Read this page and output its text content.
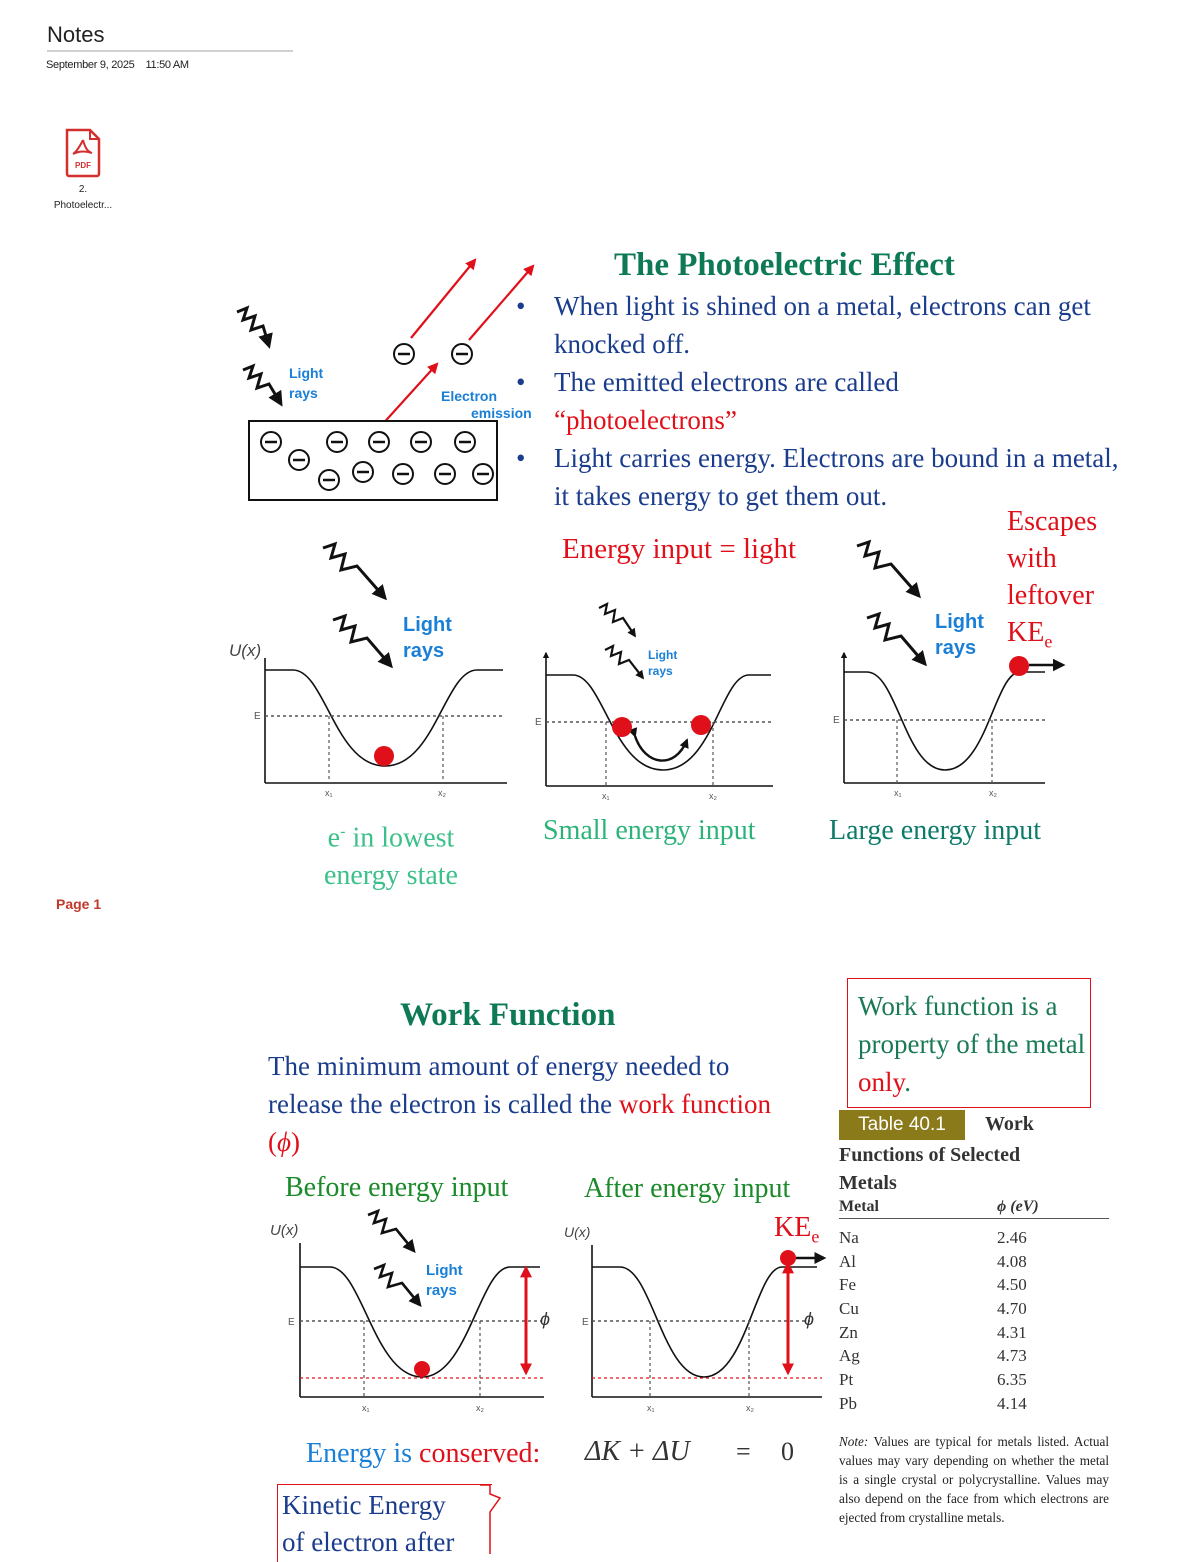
Notes
September 9, 2025 11:50 AM
PDF
2.
Photoelectr...
Page 1
The Photoelectric Effect
• When light is shined on a metal, electrons can get knocked off.
• The emitted electrons are called
“photoelectrons”
• Light carries energy. Electrons are bound in a metal, it takes energy to get them out.
Light
rays	Electron
emission
Energy input = light
Escapes
with
leftover
$KE_e$
U(x)
E
x₁	x₂
Light
rays
E
x₁	x₂
Light
rays
E
x₁	x₂
Light
rays
e- in lowest
energy state
Small energy input	Large energy input
Work Function
The minimum amount of energy needed to release the electron is called the work function (ϕ)
Work function is a property of the metal only.
Before energy input	After energy input
U(x)
E
x₁	x₂
ϕ
Light
rays
U(x)
E
x₁	x₂
ϕ
$KE_e$
Energy is conserved: ΔK + ΔU = 0
Kinetic Energy
of electron after
Table 40.1	Work
Functions of Selected
Metals
Metal	ϕ (eV)
Na	2.46
Al	4.08
Fe	4.50
Cu	4.70
Zn	4.31
Ag	4.73
Pt	6.35
Pb	4.14
Note: Values are typical for metals listed. Actual values may vary depending on whether the metal is a single crystal or polycrystalline. Values may also depend on the face from which electrons are ejected from crystalline metals.
